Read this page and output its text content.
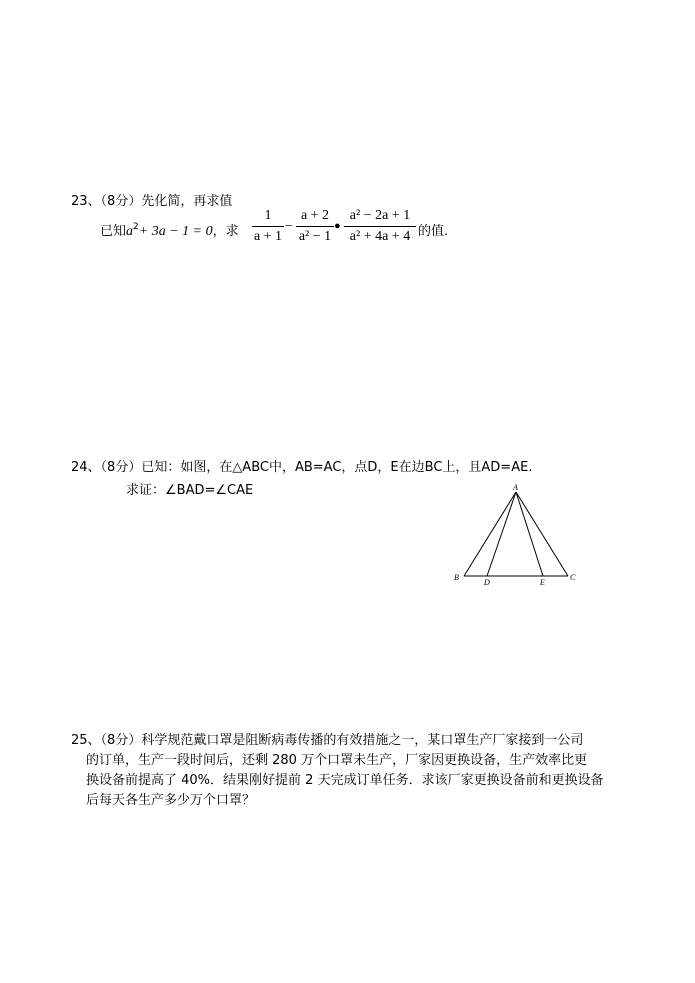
23、（8分）先化简，再求值
已知$a^2+ 3a - 1 = 0$，求 $\frac{1}{a + 1} - \frac{a + 2}{\text{a² − 1}}$ ● $\frac{\text{a² − 2a + 1}}{\text{a² + 4a + 4}}$ 的值.
24、（8分）已知：如图，在△ABC中，AB=AC，点D，E在边BC上，且AD=AE.
求证：∠BAD=∠CAE	A
B	C
D	E
25、（8分）科学规范戴口罩是阻断病毒传播的有效措施之一，某口罩生产厂家接到一公司
的订单，生产一段时间后，还剩 280 万个口罩未生产，厂家因更换设备，生产效率比更
换设备前提高了 40%．结果刚好提前 2 天完成订单任务．求该厂家更换设备前和更换设备
后每天各生产多少万个口罩？
